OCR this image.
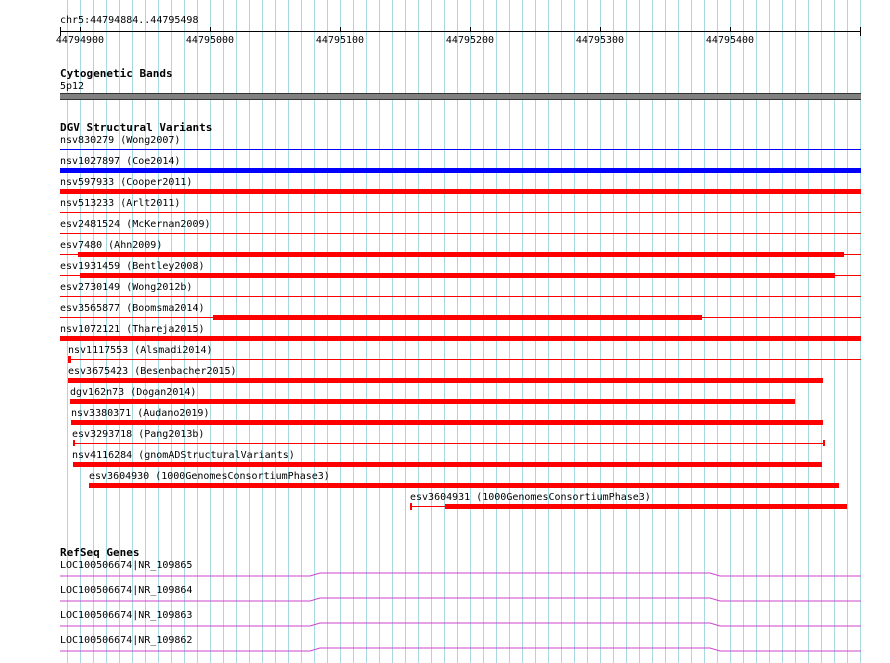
chr5:44794884..44795498
44794900	44795000	44795100	44795200	44795300	44795400
Cytogenetic Bands
5p12
DGV Structural Variants
nsv830279 (Wong2007)
nsv1027897 (Coe2014)
nsv597933 (Cooper2011)
nsv513233 (Arlt2011)
esv2481524 (McKernan2009)
esv7480 (Ahn2009)
esv1931459 (Bentley2008)
esv2730149 (Wong2012b)
esv3565877 (Boomsma2014)
nsv1072121 (Thareja2015)
nsv1117553 (Alsmadi2014)
esv3675423 (Besenbacher2015)
dgv162n73 (Dogan2014)
nsv3380371 (Audano2019)
esv3293718 (Pang2013b)
nsv4116284 (gnomADStructuralVariants)
esv3604930 (1000GenomesConsortiumPhase3)
esv3604931 (1000GenomesConsortiumPhase3)
RefSeq Genes
LOC100506674|NR_109865
LOC100506674|NR_109864
LOC100506674|NR_109863
LOC100506674|NR_109862
